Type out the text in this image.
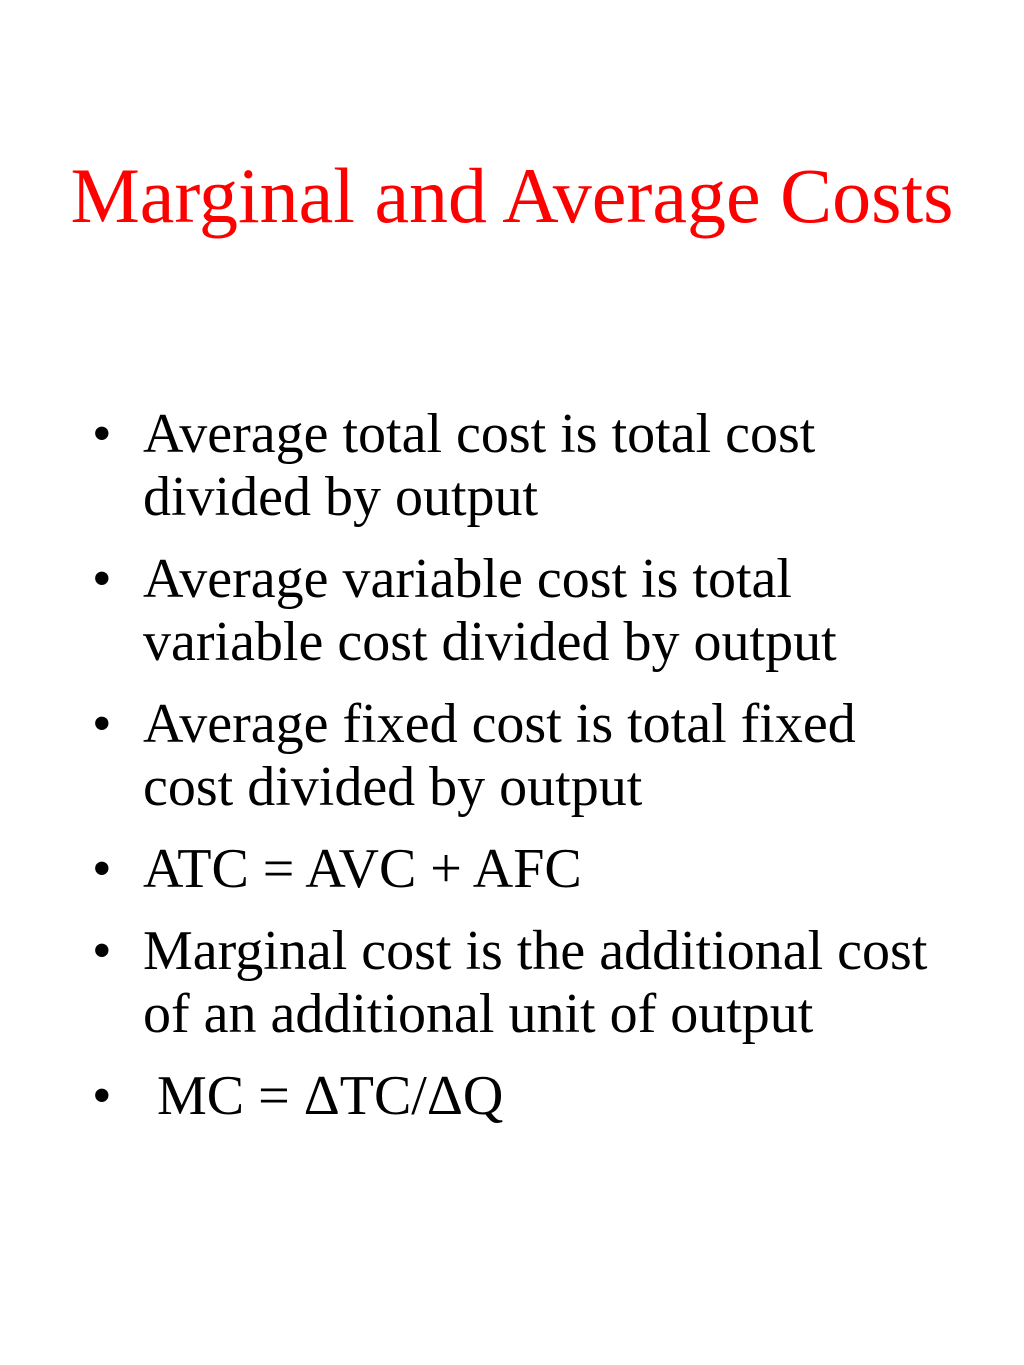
Marginal and Average Costs
• Average total cost is total cost divided by output
• Average variable cost is total variable cost divided by output
• Average fixed cost is total fixed cost divided by output
• ATC = AVC + AFC
• Marginal cost is the additional cost of an additional unit of output
• MC = ΔTC/ΔQ
